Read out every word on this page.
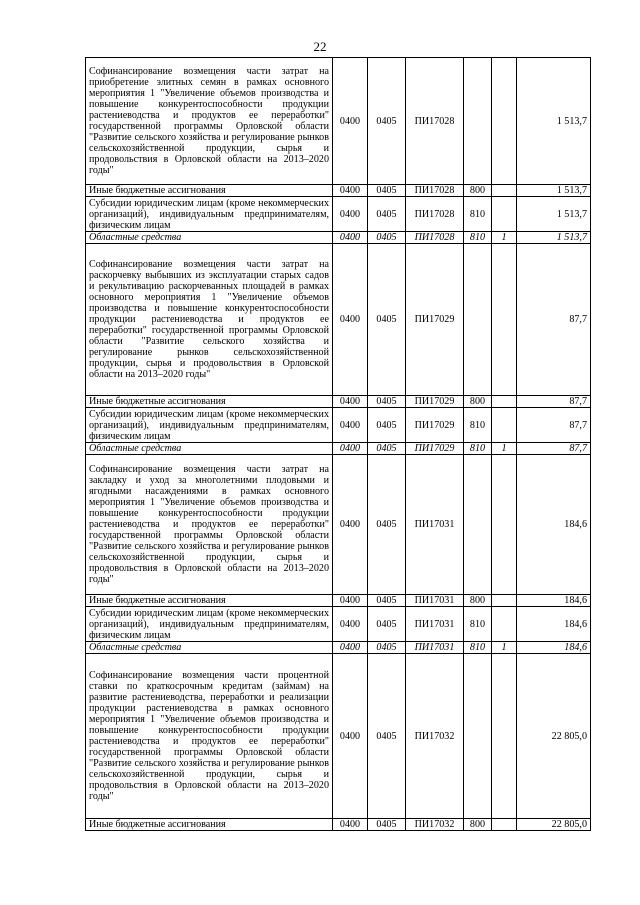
22
Софинансирование возмещения части затрат на приобретение элитных семян в рамках основного мероприятия 1 "Увеличение объемов производства и повышение конкурентоспособности продукции растениеводства и продуктов ее переработки" государственной программы Орловской области "Развитие сельского хозяйства и регулирование рынков сельскохозяйственной продукции, сырья и продовольствия в Орловской области на 2013–2020 годы"	0400	0405	ПИ17028			1 513,7
Иные бюджетные ассигнования	0400	0405	ПИ17028	800		1 513,7
Субсидии юридическим лицам (кроме некоммерческих организаций), индивидуальным предпринимателям, физическим лицам	0400	0405	ПИ17028	810		1 513,7
Областные средства	0400	0405	ПИ17028	810	1	1 513,7
Софинансирование возмещения части затрат на раскорчевку выбывших из эксплуатации старых садов и рекультивацию раскорчеванных площадей в рамках основного мероприятия 1 "Увеличение объемов производства и повышение конкурентоспособности продукции растениеводства и продуктов ее переработки" государственной программы Орловской области "Развитие сельского хозяйства и регулирование рынков сельскохозяйственной продукции, сырья и продовольствия в Орловской области на 2013–2020 годы"	0400	0405	ПИ17029			87,7
Иные бюджетные ассигнования	0400	0405	ПИ17029	800		87,7
Субсидии юридическим лицам (кроме некоммерческих организаций), индивидуальным предпринимателям, физическим лицам	0400	0405	ПИ17029	810		87,7
Областные средства	0400	0405	ПИ17029	810	1	87,7
Софинансирование возмещения части затрат на закладку и уход за многолетними плодовыми и ягодными насаждениями в рамках основного мероприятия 1 "Увеличение объемов производства и повышение конкурентоспособности продукции растениеводства и продуктов ее переработки" государственной программы Орловской области "Развитие сельского хозяйства и регулирование рынков сельскохозяйственной продукции, сырья и продовольствия в Орловской области на 2013–2020 годы"	0400	0405	ПИ17031			184,6
Иные бюджетные ассигнования	0400	0405	ПИ17031	800		184,6
Субсидии юридическим лицам (кроме некоммерческих организаций), индивидуальным предпринимателям, физическим лицам	0400	0405	ПИ17031	810		184,6
Областные средства	0400	0405	ПИ17031	810	1	184,6
Софинансирование возмещения части процентной ставки по краткосрочным кредитам (займам) на развитие растениеводства, переработки и реализации продукции растениеводства в рамках основного мероприятия 1 "Увеличение объемов производства и повышение конкурентоспособности продукции растениеводства и продуктов ее переработки" государственной программы Орловской области "Развитие сельского хозяйства и регулирование рынков сельскохозяйственной продукции, сырья и продовольствия в Орловской области на 2013–2020 годы"	0400	0405	ПИ17032			22 805,0
Иные бюджетные ассигнования	0400	0405	ПИ17032	800		22 805,0
